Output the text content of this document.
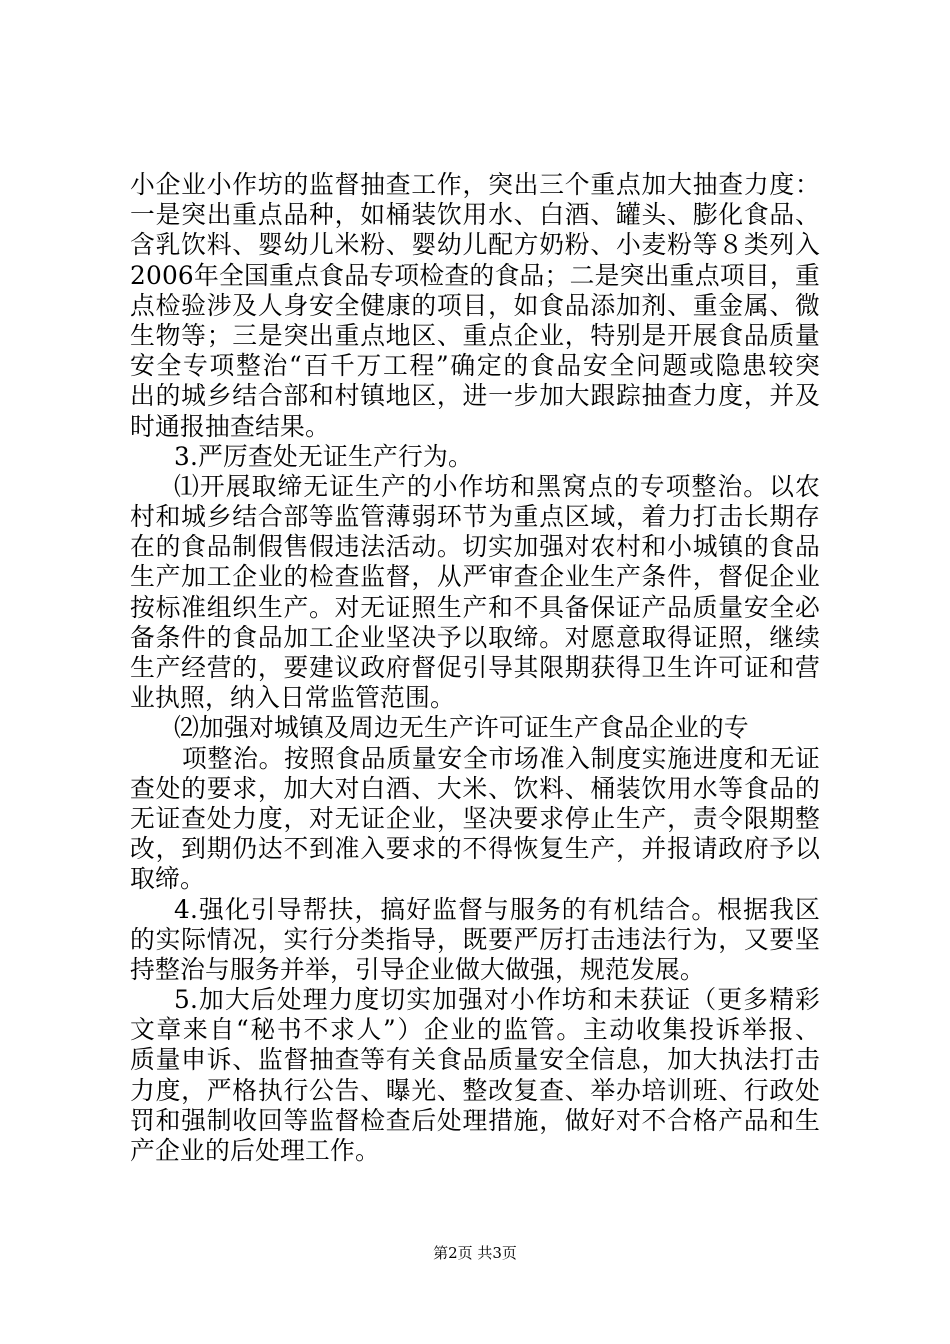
小企业小作坊的监督抽查工作，突出三个重点加大抽查力度：
一是突出重点品种，如桶装饮用水、白酒、罐头、膨化食品、
含乳饮料、婴幼儿米粉、婴幼儿配方奶粉、小麦粉等８类列入
2006年全国重点食品专项检查的食品；二是突出重点项目，重
点检验涉及人身安全健康的项目，如食品添加剂、重金属、微
生物等；三是突出重点地区、重点企业，特别是开展食品质量
安全专项整治“百千万工程”确定的食品安全问题或隐患较突
出的城乡结合部和村镇地区，进一步加大跟踪抽查力度，并及
时通报抽查结果。
3.严厉查处无证生产行为。
⑴开展取缔无证生产的小作坊和黑窝点的专项整治。以农
村和城乡结合部等监管薄弱环节为重点区域，着力打击长期存
在的食品制假售假违法活动。切实加强对农村和小城镇的食品
生产加工企业的检查监督，从严审查企业生产条件，督促企业
按标准组织生产。对无证照生产和不具备保证产品质量安全必
备条件的食品加工企业坚决予以取缔。对愿意取得证照，继续
生产经营的，要建议政府督促引导其限期获得卫生许可证和营
业执照，纳入日常监管范围。
⑵加强对城镇及周边无生产许可证生产食品企业的专
项整治。按照食品质量安全市场准入制度实施进度和无证
查处的要求，加大对白酒、大米、饮料、桶装饮用水等食品的
无证查处力度，对无证企业，坚决要求停止生产，责令限期整
改，到期仍达不到准入要求的不得恢复生产，并报请政府予以
取缔。
4.强化引导帮扶，搞好监督与服务的有机结合。根据我区
的实际情况，实行分类指导，既要严厉打击违法行为，又要坚
持整治与服务并举，引导企业做大做强，规范发展。
5.加大后处理力度切实加强对小作坊和未获证（更多精彩
文章来自“秘书不求人”）企业的监管。主动收集投诉举报、
质量申诉、监督抽查等有关食品质量安全信息，加大执法打击
力度，严格执行公告、曝光、整改复查、举办培训班、行政处
罚和强制收回等监督检查后处理措施，做好对不合格产品和生
产企业的后处理工作。
第2页 共3页
